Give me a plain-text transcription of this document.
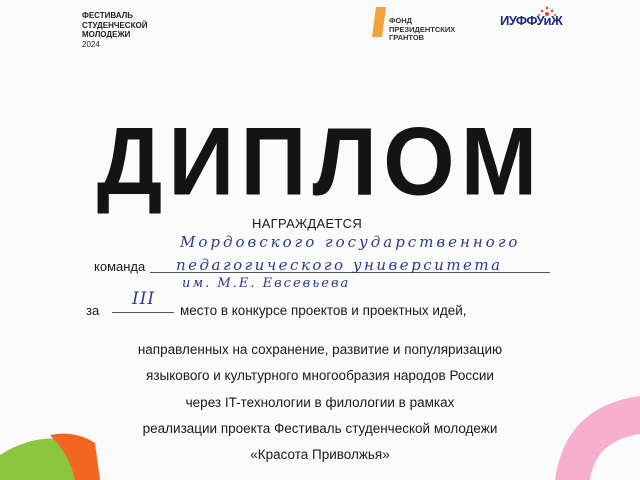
ФЕСТИВАЛЬ
СТУДЕНЧЕСКОЙ
МОЛОДЕЖИ
2024
ФОНД
ПРЕЗИДЕНТСКИХ
ГРАНТОВ
ИУФФУиЖ
ДИПЛОМ
НАГРАЖДАЕТСЯ
Мордовского государственного
команда педагогического университета
им. М.Е. Евсевьева
за
III
место в конкурсе проектов и проектных идей,
направленных на сохранение, развитие и популяризацию
языкового и культурного многообразия народов России
через IT-технологии в филологии в рамках
реализации проекта Фестиваль студенческой молодежи
«Красота Приволжья»
